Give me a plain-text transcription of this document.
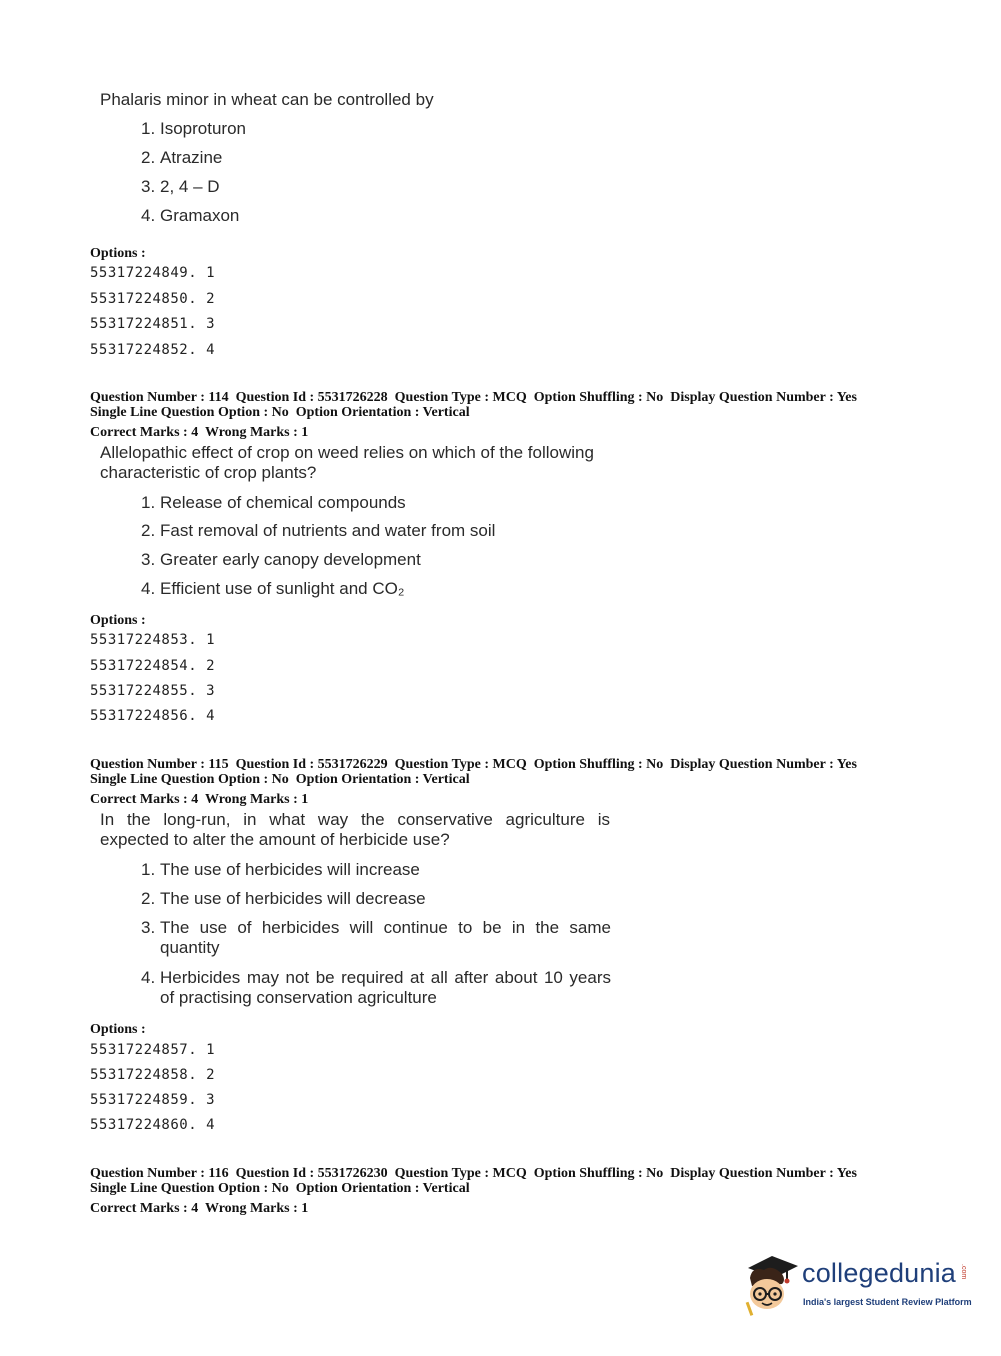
Phalaris minor in wheat can be controlled by
1. Isoproturon
2. Atrazine
3. 2, 4 – D
4. Gramaxon
Options :
55317224849. 1
55317224850. 2
55317224851. 3
55317224852. 4
Question Number : 114  Question Id : 5531726228  Question Type : MCQ  Option Shuffling : No  Display Question Number : Yes
Single Line Question Option : No  Option Orientation : Vertical
Correct Marks : 4  Wrong Marks : 1
Allelopathic effect of crop on weed relies on which of the following
characteristic of crop plants?
1. Release of chemical compounds
2. Fast removal of nutrients and water from soil
3. Greater early canopy development
4. Efficient use of sunlight and CO₂
Options :
55317224853. 1
55317224854. 2
55317224855. 3
55317224856. 4
Question Number : 115  Question Id : 5531726229  Question Type : MCQ  Option Shuffling : No  Display Question Number : Yes
Single Line Question Option : No  Option Orientation : Vertical
Correct Marks : 4  Wrong Marks : 1
In the long-run, in what way the conservative agriculture is expected to alter the amount of herbicide use?
1. The use of herbicides will increase
2. The use of herbicides will decrease
3. The use of herbicides will continue to be in the same quantity
4. Herbicides may not be required at all after about 10 years of practising conservation agriculture
Options :
55317224857. 1
55317224858. 2
55317224859. 3
55317224860. 4
Question Number : 116  Question Id : 5531726230  Question Type : MCQ  Option Shuffling : No  Display Question Number : Yes
Single Line Question Option : No  Option Orientation : Vertical
Correct Marks : 4  Wrong Marks : 1
collegedunia .com
India's largest Student Review Platform
